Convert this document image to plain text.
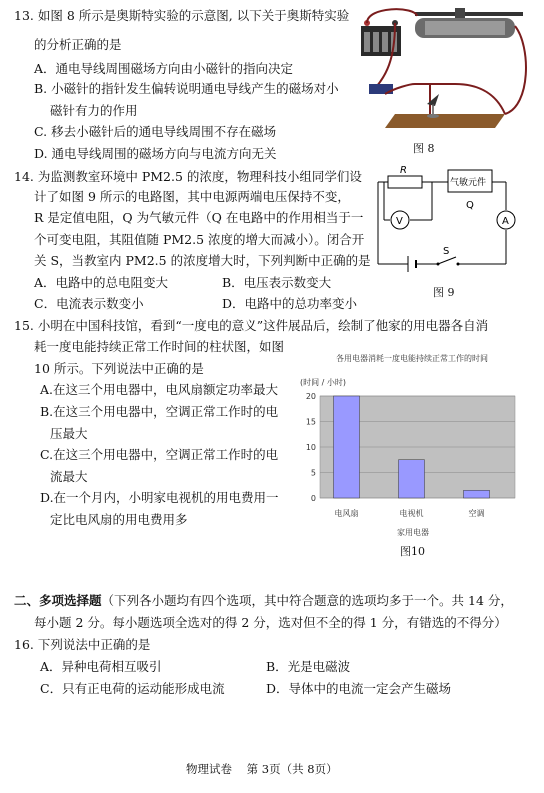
13. 如图 8 所示是奥斯特实验的示意图, 以下关于奥斯特实验
的分析正确的是
A．通电导线周围磁场方向由小磁针的指向决定
B. 小磁针的指针发生偏转说明通电导线产生的磁场对小
磁针有力的作用
C. 移去小磁针后的通电导线周围不存在磁场
D. 通电导线周围的磁场方向与电流方向无关	图 8
14. 为监测教室环境中 PM2.5 的浓度，物理科技小组同学们设
计了如图 9 所示的电路图，其中电源两端电压保持不变，
R 是定值电阻，Q 为气敏元件（Q 在电路中的作用相当于一
个可变电阻，其阻值随 PM2.5 浓度的增大而减小）。闭合开
关 S，当教室内 PM2.5 的浓度增大时，下列判断中正确的是
A．电路中的总电阻变大	B．电压表示数变大
C．电流表示数变小	D．电路中的总功率变小
R
V
气敏元件
Q
A
S
图 9
15. 小明在中国科技馆，看到“一度电的意义”这件展品后，绘制了他家的用电器各自消
耗一度电能持续正常工作时间的柱状图，如图
10 所示。下列说法中正确的是
A.在这三个用电器中，电风扇额定功率最大
B.在这三个用电器中，空调正常工作时的电
压最大
C.在这三个用电器中，空调正常工作时的电
流最大
D.在一个月内，小明家电视机的用电费用一
定比电风扇的用电费用多
各用电器消耗一度电能持续正常工作的时间
(时间 / 小时)
0
5
10
15
20
电风扇	电视机	空调
家用电器
图10
二、多项选择题（下列各小题均有四个选项，其中符合题意的选项均多于一个。共 14 分，
每小题 2 分。每小题选项全选对的得 2 分，选对但不全的得 1 分，有错选的不得分）
16. 下列说法中正确的是
A．异种电荷相互吸引	B．光是电磁波
C．只有正电荷的运动能形成电流	D．导体中的电流一定会产生磁场
物理试卷    第 3页（共 8页）
